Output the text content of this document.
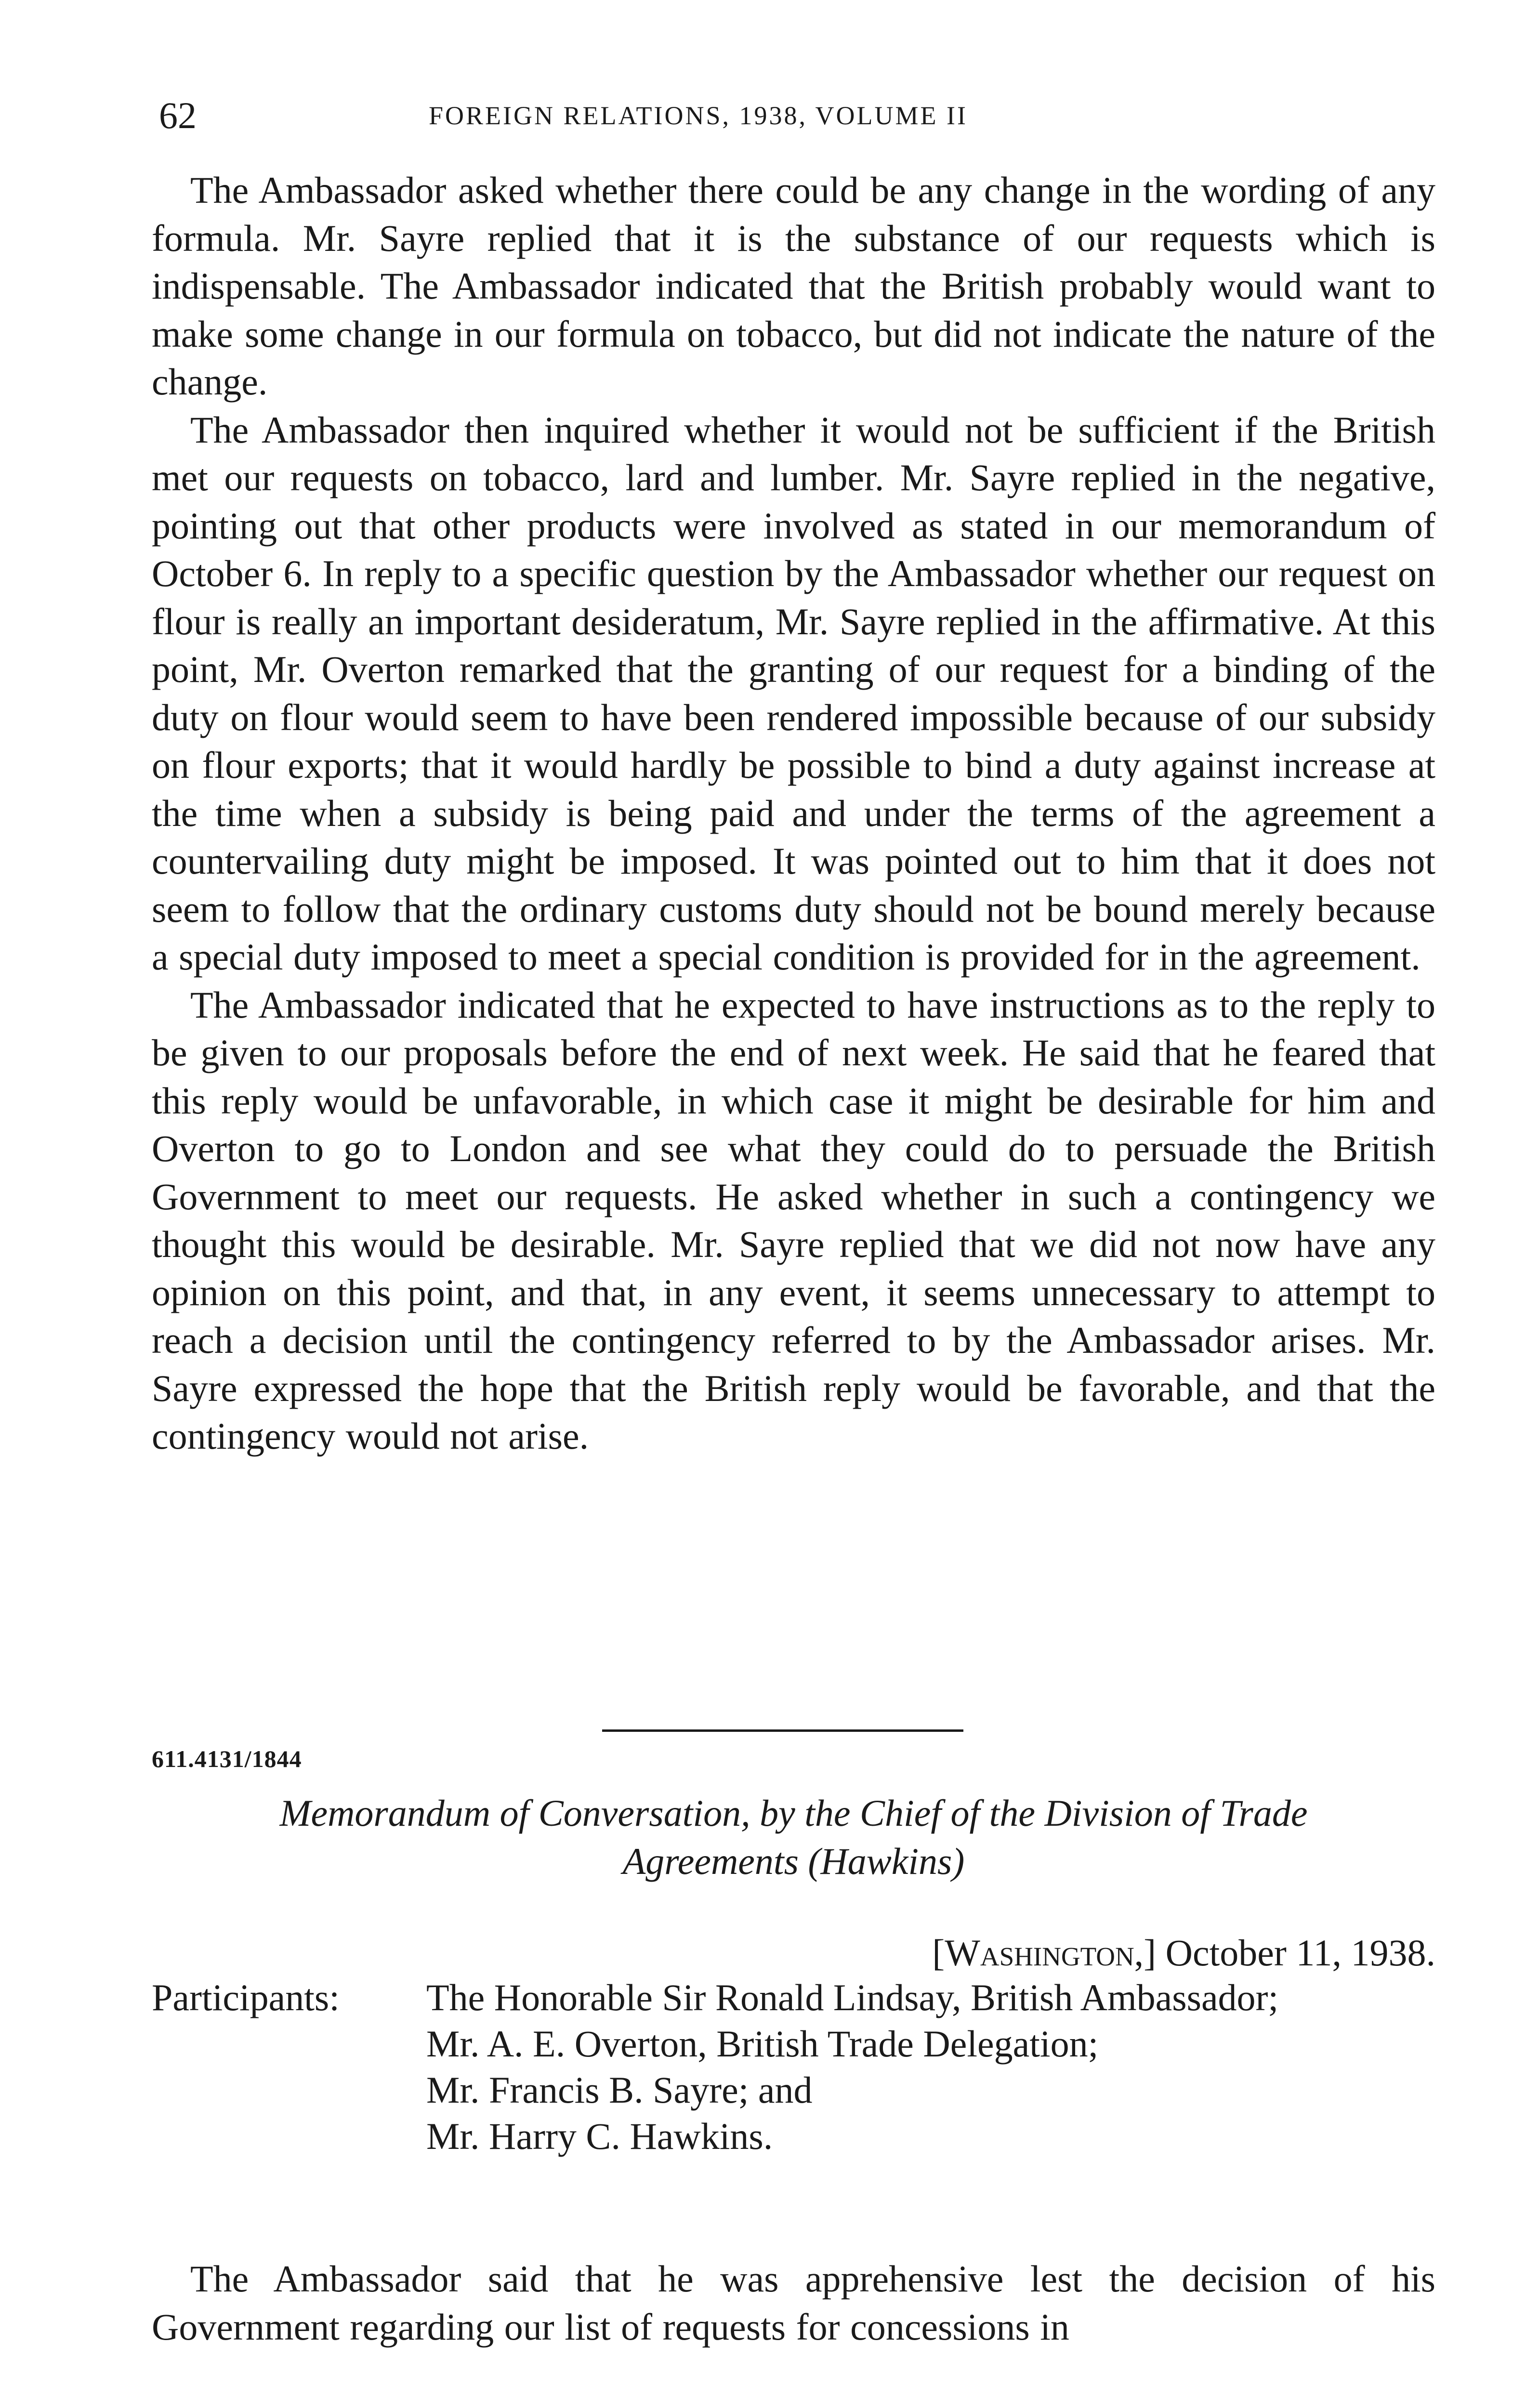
62	FOREIGN RELATIONS, 1938, VOLUME II

The Ambassador asked whether there could be any change in the wording of any formula. Mr. Sayre replied that it is the substance of our requests which is indispensable. The Ambassador indicated that the British probably would want to make some change in our formula on tobacco, but did not indicate the nature of the change.

The Ambassador then inquired whether it would not be sufficient if the British met our requests on tobacco, lard and lumber. Mr. Sayre replied in the negative, pointing out that other products were involved as stated in our memorandum of October 6. In reply to a specific question by the Ambassador whether our request on flour is really an important desideratum, Mr. Sayre replied in the affirmative. At this point, Mr. Overton remarked that the granting of our request for a binding of the duty on flour would seem to have been rendered impossible because of our subsidy on flour exports; that it would hardly be possible to bind a duty against increase at the time when a subsidy is being paid and under the terms of the agreement a countervailing duty might be imposed. It was pointed out to him that it does not seem to follow that the ordinary customs duty should not be bound merely because a special duty imposed to meet a special condition is provided for in the agreement.

The Ambassador indicated that he expected to have instructions as to the reply to be given to our proposals before the end of next week. He said that he feared that this reply would be unfavorable, in which case it might be desirable for him and Overton to go to London and see what they could do to persuade the British Government to meet our requests. He asked whether in such a contingency we thought this would be desirable. Mr. Sayre replied that we did not now have any opinion on this point, and that, in any event, it seems unnecessary to attempt to reach a decision until the contingency referred to by the Ambassador arises. Mr. Sayre expressed the hope that the British reply would be favorable, and that the contingency would not arise.

611.4131/1844
Memorandum of Conversation, by the Chief of the Division of Trade
Agreements (Hawkins)
[Washington,] October 11, 1938.
Participants: The Honorable Sir Ronald Lindsay, British Ambassador;
Mr. A. E. Overton, British Trade Delegation;
Mr. Francis B. Sayre; and
Mr. Harry C. Hawkins.

The Ambassador said that he was apprehensive lest the decision of his Government regarding our list of requests for concessions in
